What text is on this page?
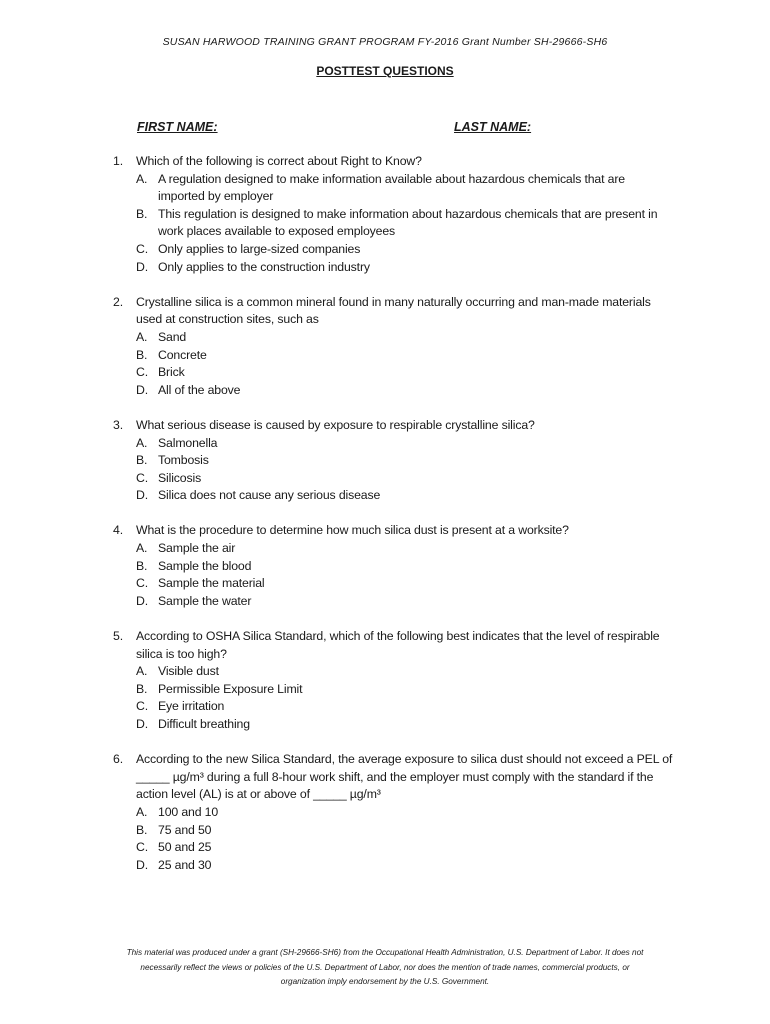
SUSAN HARWOOD TRAINING GRANT PROGRAM FY-2016 Grant Number SH-29666-SH6
POSTTEST QUESTIONS
FIRST NAME:	LAST NAME:
1. Which of the following is correct about Right to Know?
A. A regulation designed to make information available about hazardous chemicals that are imported by employer
B. This regulation is designed to make information about hazardous chemicals that are present in work places available to exposed employees
C. Only applies to large-sized companies
D. Only applies to the construction industry
2. Crystalline silica is a common mineral found in many naturally occurring and man-made materials used at construction sites, such as
A. Sand
B. Concrete
C. Brick
D. All of the above
3. What serious disease is caused by exposure to respirable crystalline silica?
A. Salmonella
B. Tombosis
C. Silicosis
D. Silica does not cause any serious disease
4. What is the procedure to determine how much silica dust is present at a worksite?
A. Sample the air
B. Sample the blood
C. Sample the material
D. Sample the water
5. According to OSHA Silica Standard, which of the following best indicates that the level of respirable silica is too high?
A. Visible dust
B. Permissible Exposure Limit
C. Eye irritation
D. Difficult breathing
6. According to the new Silica Standard, the average exposure to silica dust should not exceed a PEL of _____ µg/m³ during a full 8-hour work shift, and the employer must comply with the standard if the action level (AL) is at or above of _____ µg/m³
A. 100 and 10
B. 75 and 50
C. 50 and 25
D. 25 and 30
This material was produced under a grant (SH-29666-SH6) from the Occupational Health Administration, U.S. Department of Labor. It does not
necessarily reflect the views or policies of the U.S. Department of Labor, nor does the mention of trade names, commercial products, or
organization imply endorsement by the U.S. Government.
